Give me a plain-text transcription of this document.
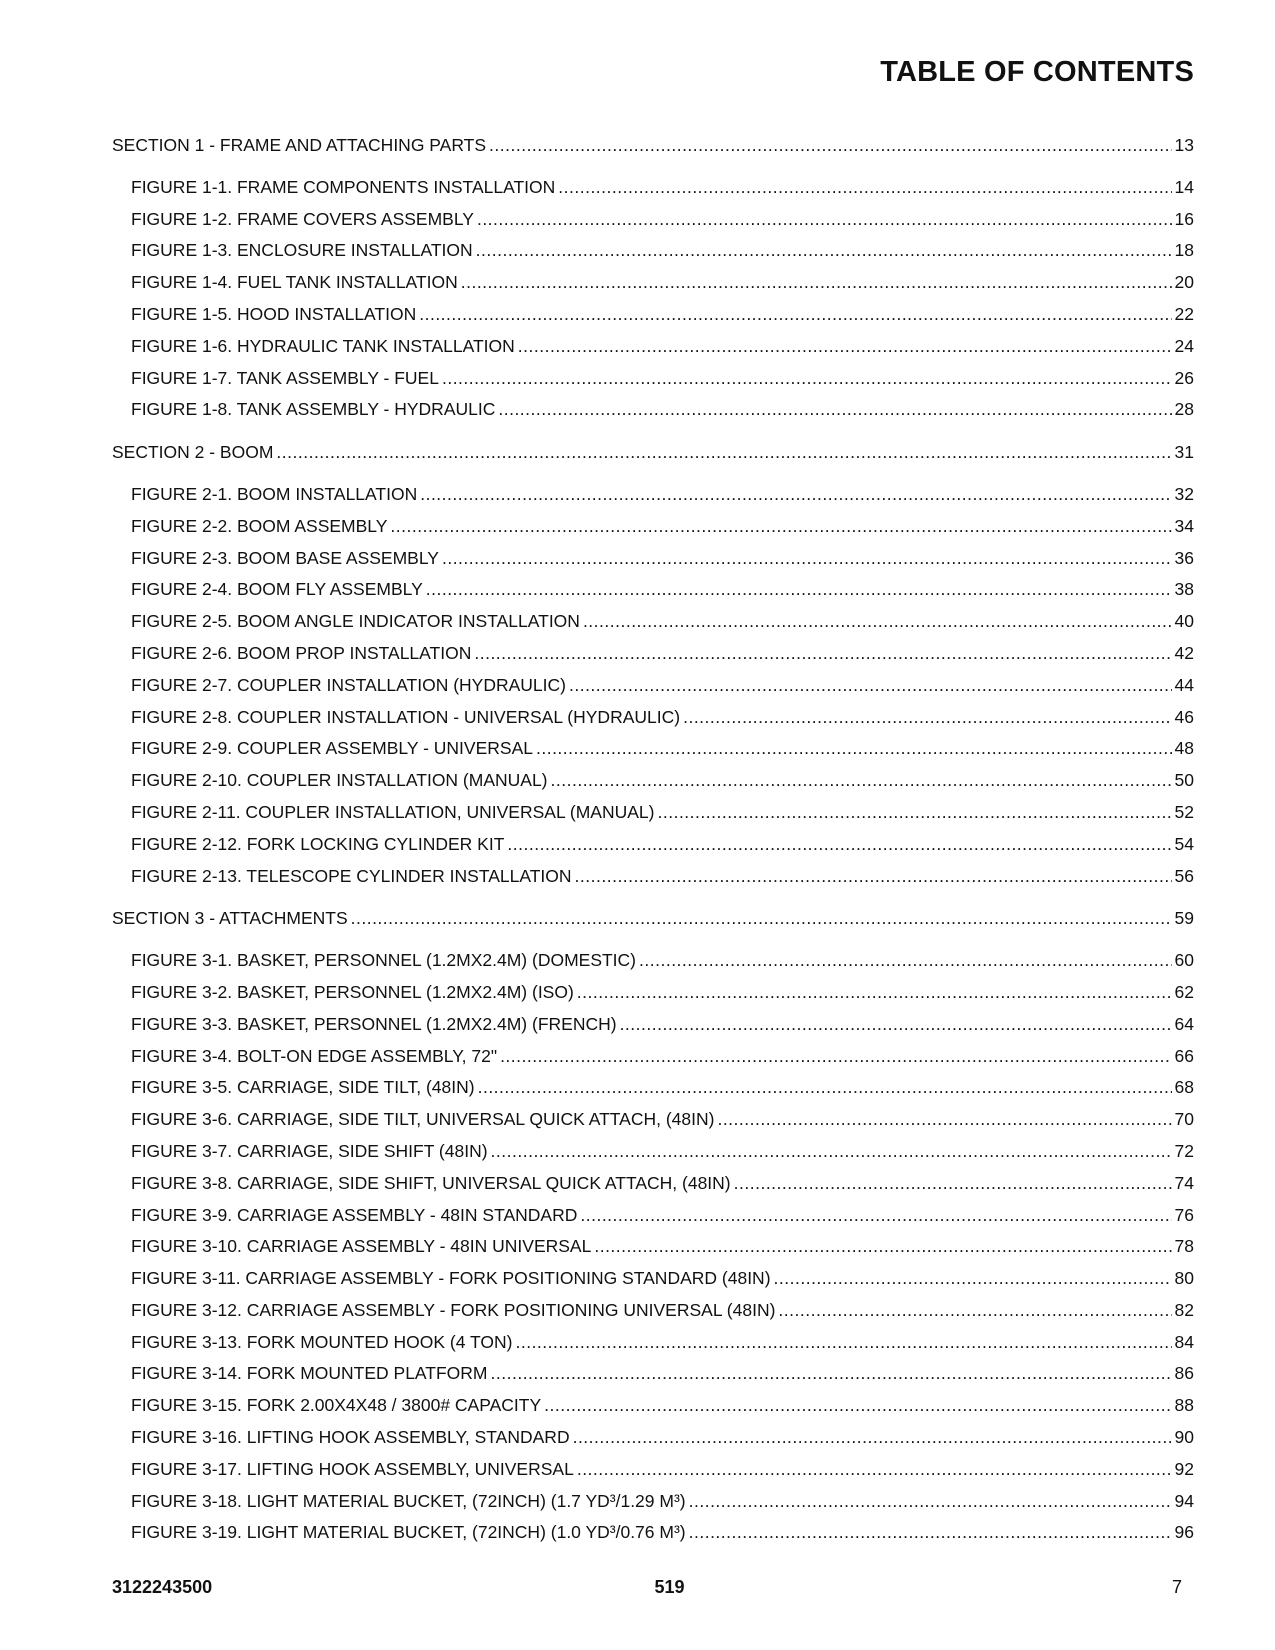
TABLE OF CONTENTS
SECTION 1 - FRAME AND ATTACHING PARTS .....	13
FIGURE 1-1. FRAME COMPONENTS INSTALLATION .....	14
FIGURE 1-2. FRAME COVERS ASSEMBLY .....	16
FIGURE 1-3. ENCLOSURE INSTALLATION .....	18
FIGURE 1-4. FUEL TANK INSTALLATION .....	20
FIGURE 1-5. HOOD INSTALLATION .....	22
FIGURE 1-6. HYDRAULIC TANK INSTALLATION .....	24
FIGURE 1-7. TANK ASSEMBLY - FUEL .....	26
FIGURE 1-8. TANK ASSEMBLY - HYDRAULIC .....	28
SECTION 2 - BOOM .....	31
FIGURE 2-1. BOOM INSTALLATION .....	32
FIGURE 2-2. BOOM ASSEMBLY .....	34
FIGURE 2-3. BOOM BASE ASSEMBLY .....	36
FIGURE 2-4. BOOM FLY ASSEMBLY .....	38
FIGURE 2-5. BOOM ANGLE INDICATOR INSTALLATION .....	40
FIGURE 2-6. BOOM PROP INSTALLATION .....	42
FIGURE 2-7. COUPLER INSTALLATION (HYDRAULIC) .....	44
FIGURE 2-8. COUPLER INSTALLATION - UNIVERSAL (HYDRAULIC) .....	46
FIGURE 2-9. COUPLER ASSEMBLY - UNIVERSAL .....	48
FIGURE 2-10. COUPLER INSTALLATION (MANUAL) .....	50
FIGURE 2-11. COUPLER INSTALLATION, UNIVERSAL (MANUAL) .....	52
FIGURE 2-12. FORK LOCKING CYLINDER KIT .....	54
FIGURE 2-13. TELESCOPE CYLINDER INSTALLATION .....	56
SECTION 3 - ATTACHMENTS .....	59
FIGURE 3-1. BASKET, PERSONNEL (1.2MX2.4M) (DOMESTIC) .....	60
FIGURE 3-2. BASKET, PERSONNEL (1.2MX2.4M) (ISO) .....	62
FIGURE 3-3. BASKET, PERSONNEL (1.2MX2.4M) (FRENCH) .....	64
FIGURE 3-4. BOLT-ON EDGE ASSEMBLY, 72" .....	66
FIGURE 3-5. CARRIAGE, SIDE TILT, (48IN) .....	68
FIGURE 3-6. CARRIAGE, SIDE TILT, UNIVERSAL QUICK ATTACH, (48IN) .....	70
FIGURE 3-7. CARRIAGE, SIDE SHIFT (48IN) .....	72
FIGURE 3-8. CARRIAGE, SIDE SHIFT, UNIVERSAL QUICK ATTACH, (48IN) .....	74
FIGURE 3-9. CARRIAGE ASSEMBLY - 48IN STANDARD .....	76
FIGURE 3-10. CARRIAGE ASSEMBLY - 48IN UNIVERSAL .....	78
FIGURE 3-11. CARRIAGE ASSEMBLY - FORK POSITIONING STANDARD (48IN) .....	80
FIGURE 3-12. CARRIAGE ASSEMBLY - FORK POSITIONING UNIVERSAL (48IN) .....	82
FIGURE 3-13. FORK MOUNTED HOOK (4 TON) .....	84
FIGURE 3-14. FORK MOUNTED PLATFORM .....	86
FIGURE 3-15. FORK 2.00X4X48 / 3800# CAPACITY .....	88
FIGURE 3-16. LIFTING HOOK ASSEMBLY, STANDARD .....	90
FIGURE 3-17. LIFTING HOOK ASSEMBLY, UNIVERSAL .....	92
FIGURE 3-18. LIGHT MATERIAL BUCKET, (72INCH) (1.7 YD³/1.29 M³) .....	94
FIGURE 3-19. LIGHT MATERIAL BUCKET, (72INCH) (1.0 YD³/0.76 M³) .....	96
3122243500	519	7
